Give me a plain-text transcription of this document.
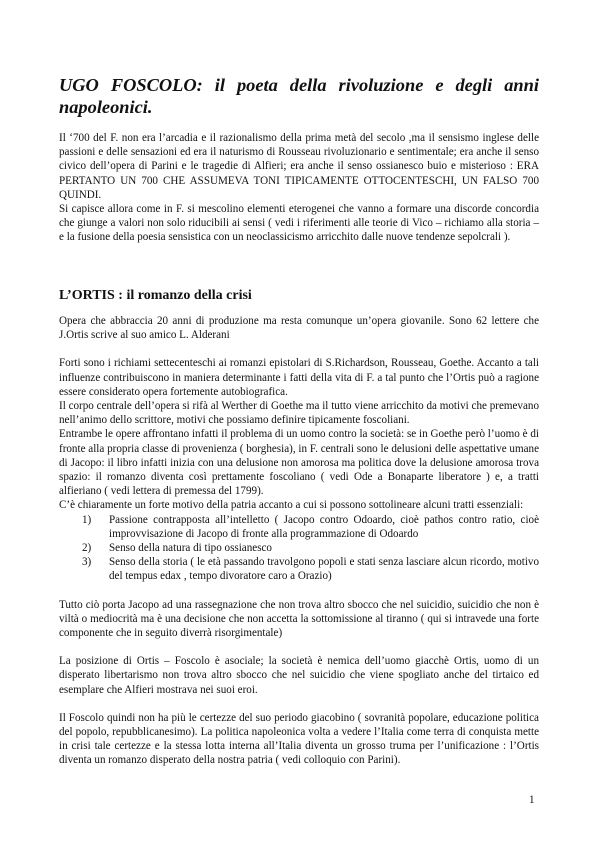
UGO FOSCOLO: il poeta della rivoluzione e degli anni napoleonici.

Il ‘700 del F. non era l’arcadia e il razionalismo della prima metà del secolo ,ma il sensismo inglese delle passioni e delle sensazioni ed era il naturismo di Rousseau rivoluzionario e sentimentale; era anche il senso civico dell’opera di Parini e le tragedie di Alfieri; era anche il senso ossianesco buio e misterioso : ERA PERTANTO UN 700 CHE ASSUMEVA TONI TIPICAMENTE OTTOCENTESCHI, UN FALSO 700 QUINDI.

Si capisce allora come in F. si mescolino elementi eterogenei che vanno a formare una discorde concordia che giunge a valori non solo riducibili ai sensi ( vedi i riferimenti alle teorie di Vico – richiamo alla storia – e la fusione della poesia sensistica con un neoclassicismo arricchito dalle nuove tendenze sepolcrali ).

L’ORTIS : il romanzo della crisi

Opera che abbraccia 20 anni di produzione ma resta comunque un’opera giovanile. Sono 62 lettere che J.Ortis scrive al suo amico L. Alderani

Forti sono i richiami settecenteschi ai romanzi epistolari di S.Richardson, Rousseau, Goethe. Accanto a tali influenze contribuiscono in maniera determinante i fatti della vita di F. a tal punto che l’Ortis può a ragione essere considerato opera fortemente autobiografica.

Il corpo centrale dell’opera si rifà al Werther di Goethe ma il tutto viene arricchito da motivi che premevano nell’animo dello scrittore, motivi che possiamo definire tipicamente foscoliani.

Entrambe le opere affrontano infatti il problema di un uomo contro la società: se in Goethe però l’uomo è di fronte alla propria classe di provenienza ( borghesia), in F. centrali sono le delusioni delle aspettative umane di Jacopo: il libro infatti inizia con una delusione non amorosa ma politica dove la delusione amorosa trova spazio: il romanzo diventa così prettamente foscoliano ( vedi Ode a Bonaparte liberatore ) e, a tratti alfieriano ( vedi lettera di premessa del 1799).

C’è chiaramente un forte motivo della patria accanto a cui si possono sottolineare alcuni tratti essenziali:

1) Passione contrapposta all’intelletto ( Jacopo contro Odoardo, cioè pathos contro ratio, cioè improvvisazione di Jacopo di fronte alla programmazione di Odoardo
2) Senso della natura di tipo ossianesco
3) Senso della storia ( le età passando travolgono popoli e stati senza lasciare alcun ricordo, motivo del tempus edax , tempo divoratore caro a Orazio)

Tutto ciò porta Jacopo ad una rassegnazione che non trova altro sbocco che nel suicidio, suicidio che non è viltà o mediocrità ma è una decisione che non accetta la sottomissione al tiranno ( qui si intravede una forte componente che in seguito diverrà risorgimentale)

La posizione di Ortis – Foscolo è asociale; la società è nemica dell’uomo giacchè Ortis, uomo di un disperato libertarismo non trova altro sbocco che nel suicidio che viene spogliato anche del tirtaico ed esemplare che Alfieri mostrava nei suoi eroi.

Il Foscolo quindi non ha più le certezze del suo periodo giacobino ( sovranità popolare, educazione politica del popolo, repubblicanesimo). La politica napoleonica volta a vedere l’Italia come terra di conquista mette in crisi tale certezze e la stessa lotta interna all’Italia diventa un grosso truma per l’unificazione : l’Ortis diventa un romanzo disperato della nostra patria ( vedi colloquio con Parini).

1
